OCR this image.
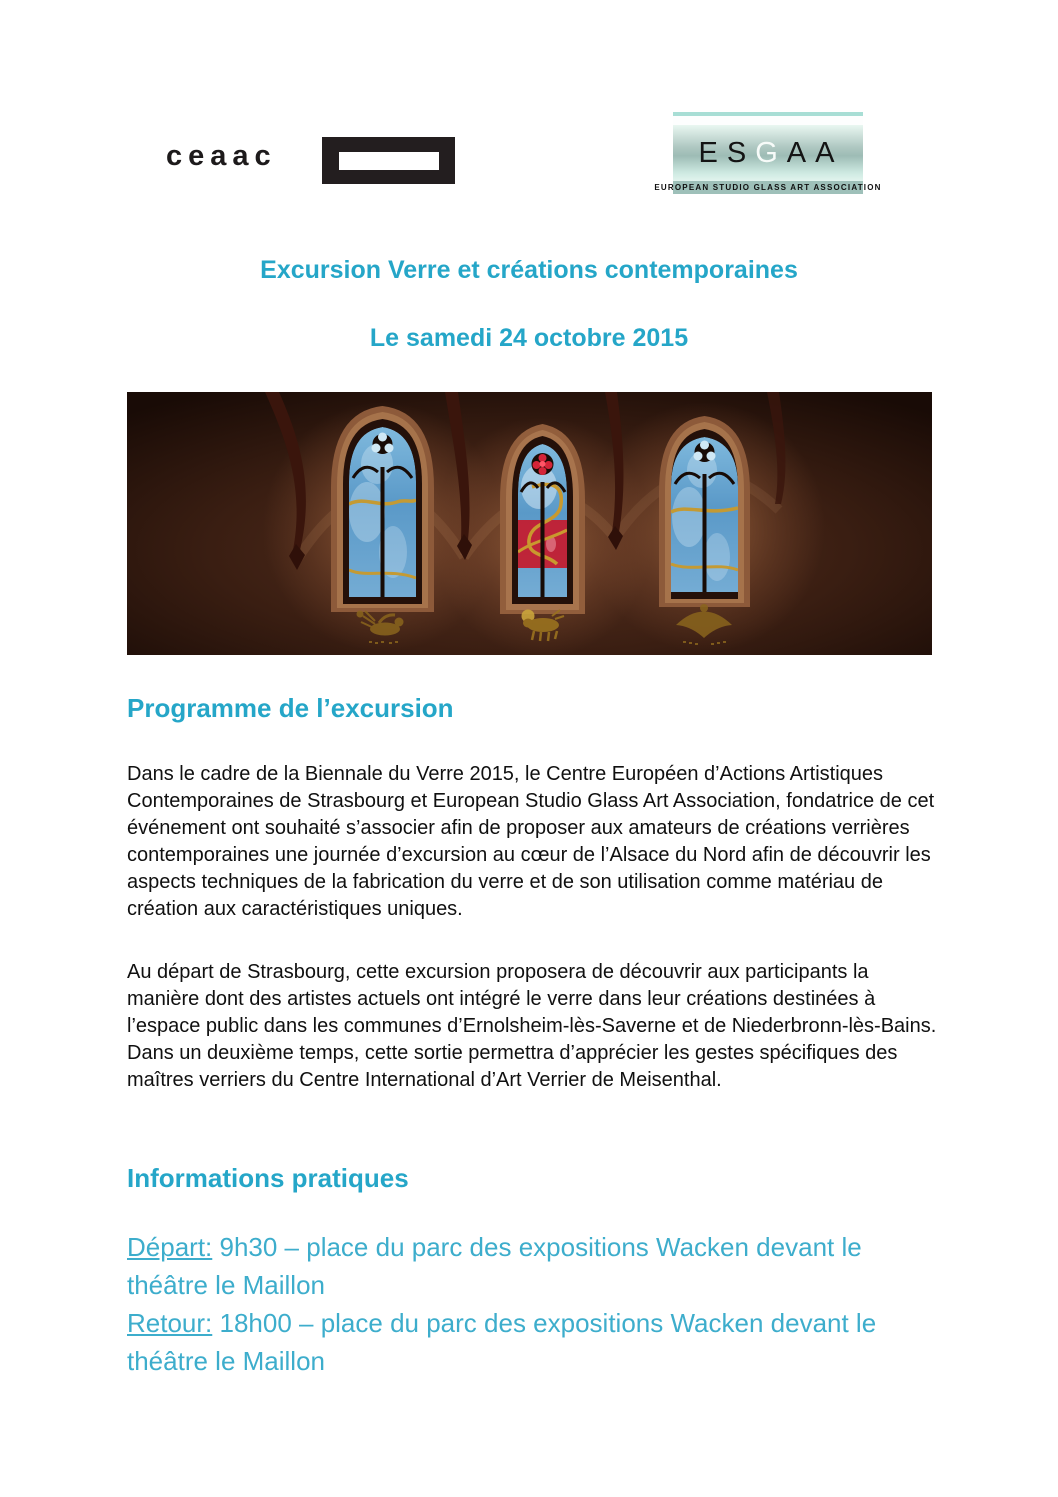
ceaac	ES G AA
EUROPEAN STUDIO GLASS ART ASSOCIATION
Excursion Verre et créations contemporaines
Le samedi 24 octobre 2015
Programme de l’excursion

Dans le cadre de la Biennale du Verre 2015, le Centre Européen d’Actions Artistiques Contemporaines de Strasbourg et European Studio Glass Art Association, fondatrice de cet événement ont souhaité s’associer afin de proposer aux amateurs de créations verrières contemporaines une journée d’excursion au cœur de l’Alsace du Nord afin de découvrir les aspects techniques de la fabrication du verre et de son utilisation comme matériau de création aux caractéristiques uniques.

Au départ de Strasbourg, cette excursion proposera de découvrir aux participants la manière dont des artistes actuels ont intégré le verre dans leur créations destinées à l’espace public dans les communes d’Ernolsheim-lès-Saverne et de Niederbronn-lès-Bains. Dans un deuxième temps, cette sortie permettra d’apprécier les gestes spécifiques des maîtres verriers du Centre International d’Art Verrier de Meisenthal.

Informations pratiques
Départ: 9h30 – place du parc des expositions Wacken devant le théâtre le Maillon
Retour: 18h00 – place du parc des expositions Wacken devant le théâtre le Maillon
